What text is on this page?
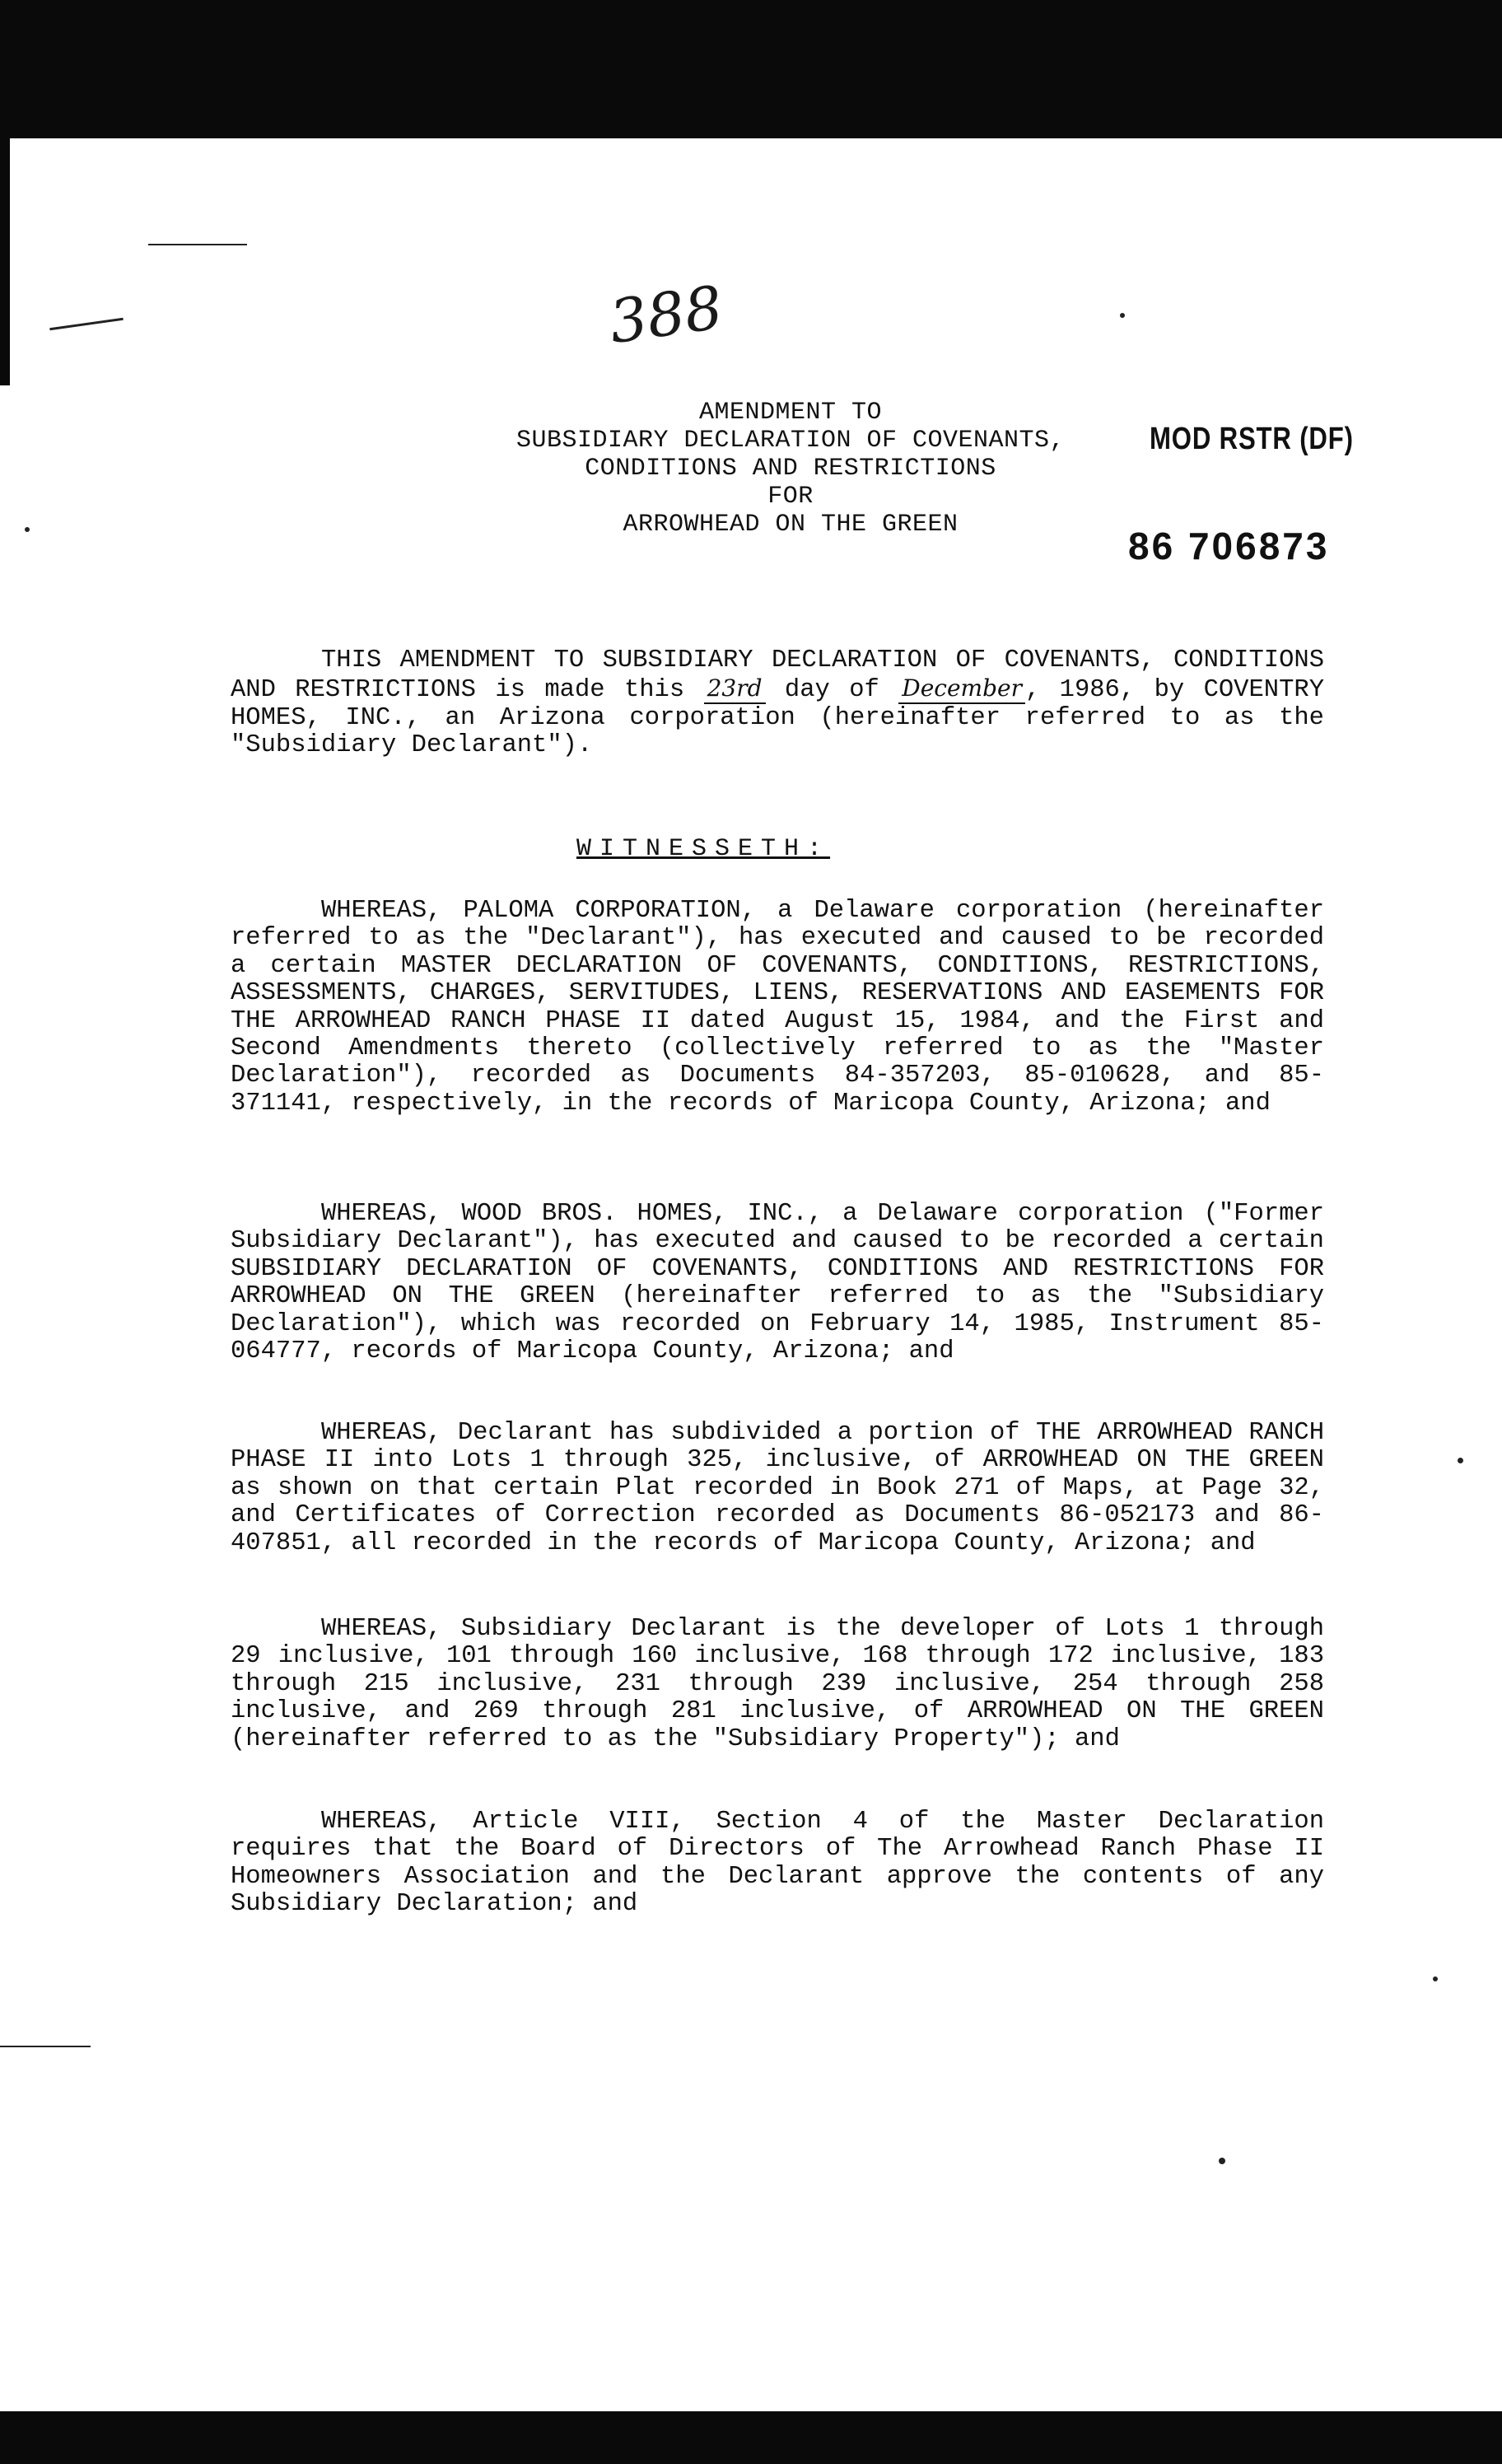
388
AMENDMENT TO
SUBSIDIARY DECLARATION OF COVENANTS,
CONDITIONS AND RESTRICTIONS
FOR
ARROWHEAD ON THE GREEN
MOD RSTR (DF)
86 706873
THIS AMENDMENT TO SUBSIDIARY DECLARATION OF COVENANTS, CONDITIONS AND RESTRICTIONS is made this 23rd day of December , 1986, by COVENTRY HOMES, INC., an Arizona corporation (hereinafter referred to as the "Subsidiary Declarant").
WITNESSETH:
WHEREAS, PALOMA CORPORATION, a Delaware corporation (hereinafter referred to as the "Declarant"), has executed and caused to be recorded a certain MASTER DECLARATION OF COVENANTS, CONDITIONS, RESTRICTIONS, ASSESSMENTS, CHARGES, SERVITUDES, LIENS, RESERVATIONS AND EASEMENTS FOR THE ARROWHEAD RANCH PHASE II dated August 15, 1984, and the First and Second Amendments thereto (collectively referred to as the "Master Declaration"), recorded as Documents 84-357203, 85-010628, and 85-371141, respectively, in the records of Maricopa County, Arizona; and
WHEREAS, WOOD BROS. HOMES, INC., a Delaware corporation ("Former Subsidiary Declarant"), has executed and caused to be recorded a certain SUBSIDIARY DECLARATION OF COVENANTS, CONDITIONS AND RESTRICTIONS FOR ARROWHEAD ON THE GREEN (hereinafter referred to as the "Subsidiary Declaration"), which was recorded on February 14, 1985, Instrument 85-064777, records of Maricopa County, Arizona; and
WHEREAS, Declarant has subdivided a portion of THE ARROWHEAD RANCH PHASE II into Lots 1 through 325, inclusive, of ARROWHEAD ON THE GREEN as shown on that certain Plat recorded in Book 271 of Maps, at Page 32, and Certificates of Correction recorded as Documents 86-052173 and 86-407851, all recorded in the records of Maricopa County, Arizona; and
WHEREAS, Subsidiary Declarant is the developer of Lots 1 through 29 inclusive, 101 through 160 inclusive, 168 through 172 inclusive, 183 through 215 inclusive, 231 through 239 inclusive, 254 through 258 inclusive, and 269 through 281 inclusive, of ARROWHEAD ON THE GREEN (hereinafter referred to as the "Subsidiary Property"); and
WHEREAS, Article VIII, Section 4 of the Master Declaration requires that the Board of Directors of The Arrowhead Ranch Phase II Homeowners Association and the Declarant approve the contents of any Subsidiary Declaration; and
